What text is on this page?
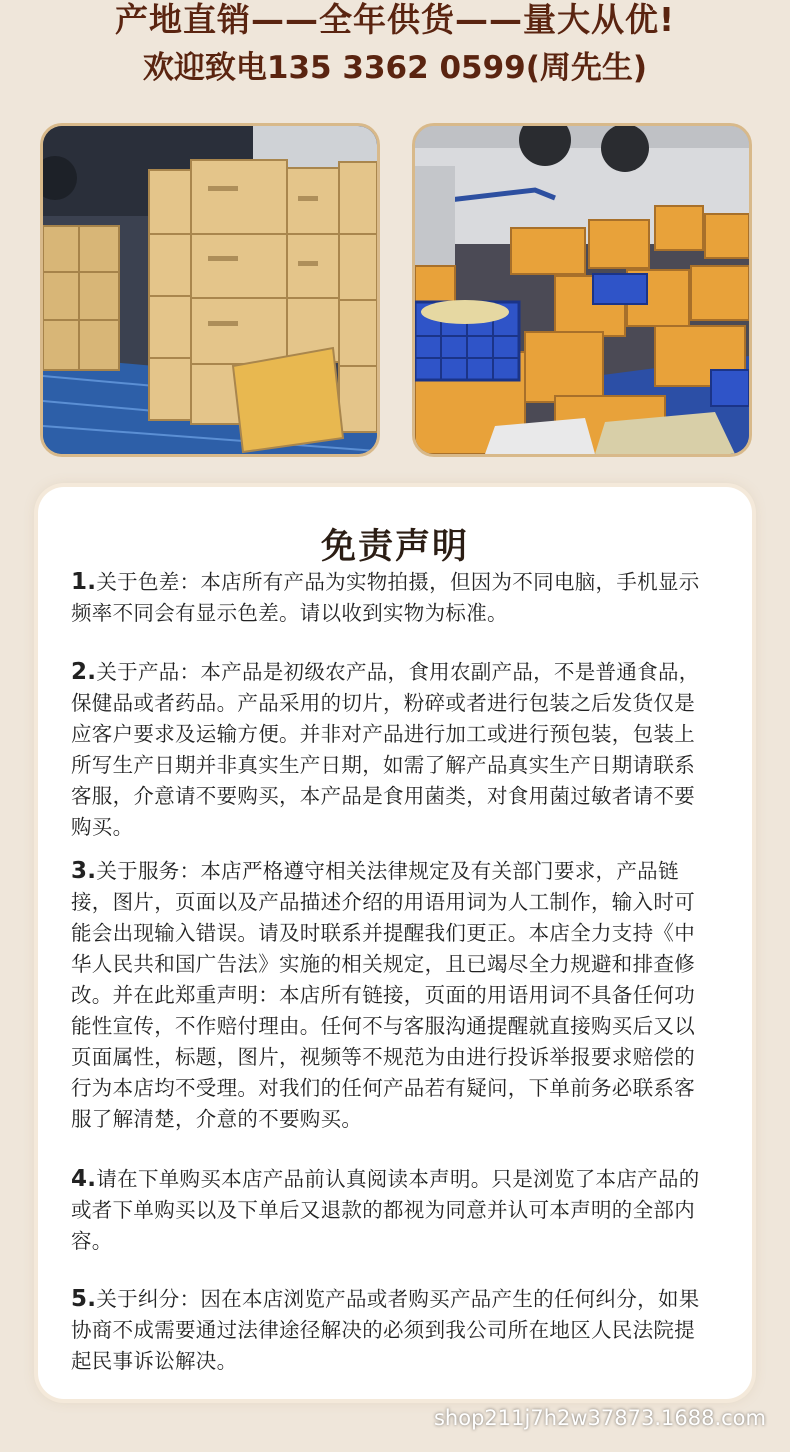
产地直销——全年供货——量大从优!
欢迎致电135 3362 0599(周先生)
免责声明
1.关于色差：本店所有产品为实物拍摄，但因为不同电脑，手机显示频率不同会有显示色差。请以收到实物为标准。
2.关于产品：本产品是初级农产品，食用农副产品，不是普通食品，保健品或者药品。产品采用的切片，粉碎或者进行包装之后发货仅是应客户要求及运输方便。并非对产品进行加工或进行预包装，包装上所写生产日期并非真实生产日期，如需了解产品真实生产日期请联系客服，介意请不要购买，本产品是食用菌类，对食用菌过敏者请不要购买。
3.关于服务：本店严格遵守相关法律规定及有关部门要求，产品链接，图片，页面以及产品描述介绍的用语用词为人工制作，输入时可能会出现输入错误。请及时联系并提醒我们更正。本店全力支持《中华人民共和国广告法》实施的相关规定，且已竭尽全力规避和排查修改。并在此郑重声明：本店所有链接，页面的用语用词不具备任何功能性宣传，不作赔付理由。任何不与客服沟通提醒就直接购买后又以页面属性，标题，图片，视频等不规范为由进行投诉举报要求赔偿的行为本店均不受理。对我们的任何产品若有疑问，下单前务必联系客服了解清楚，介意的不要购买。
4.请在下单购买本店产品前认真阅读本声明。只是浏览了本店产品的或者下单购买以及下单后又退款的都视为同意并认可本声明的全部内容。
5.关于纠分：因在本店浏览产品或者购买产品产生的任何纠分，如果协商不成需要通过法律途径解决的必须到我公司所在地区人民法院提起民事诉讼解决。
shop211j7h2w37873.1688.com
